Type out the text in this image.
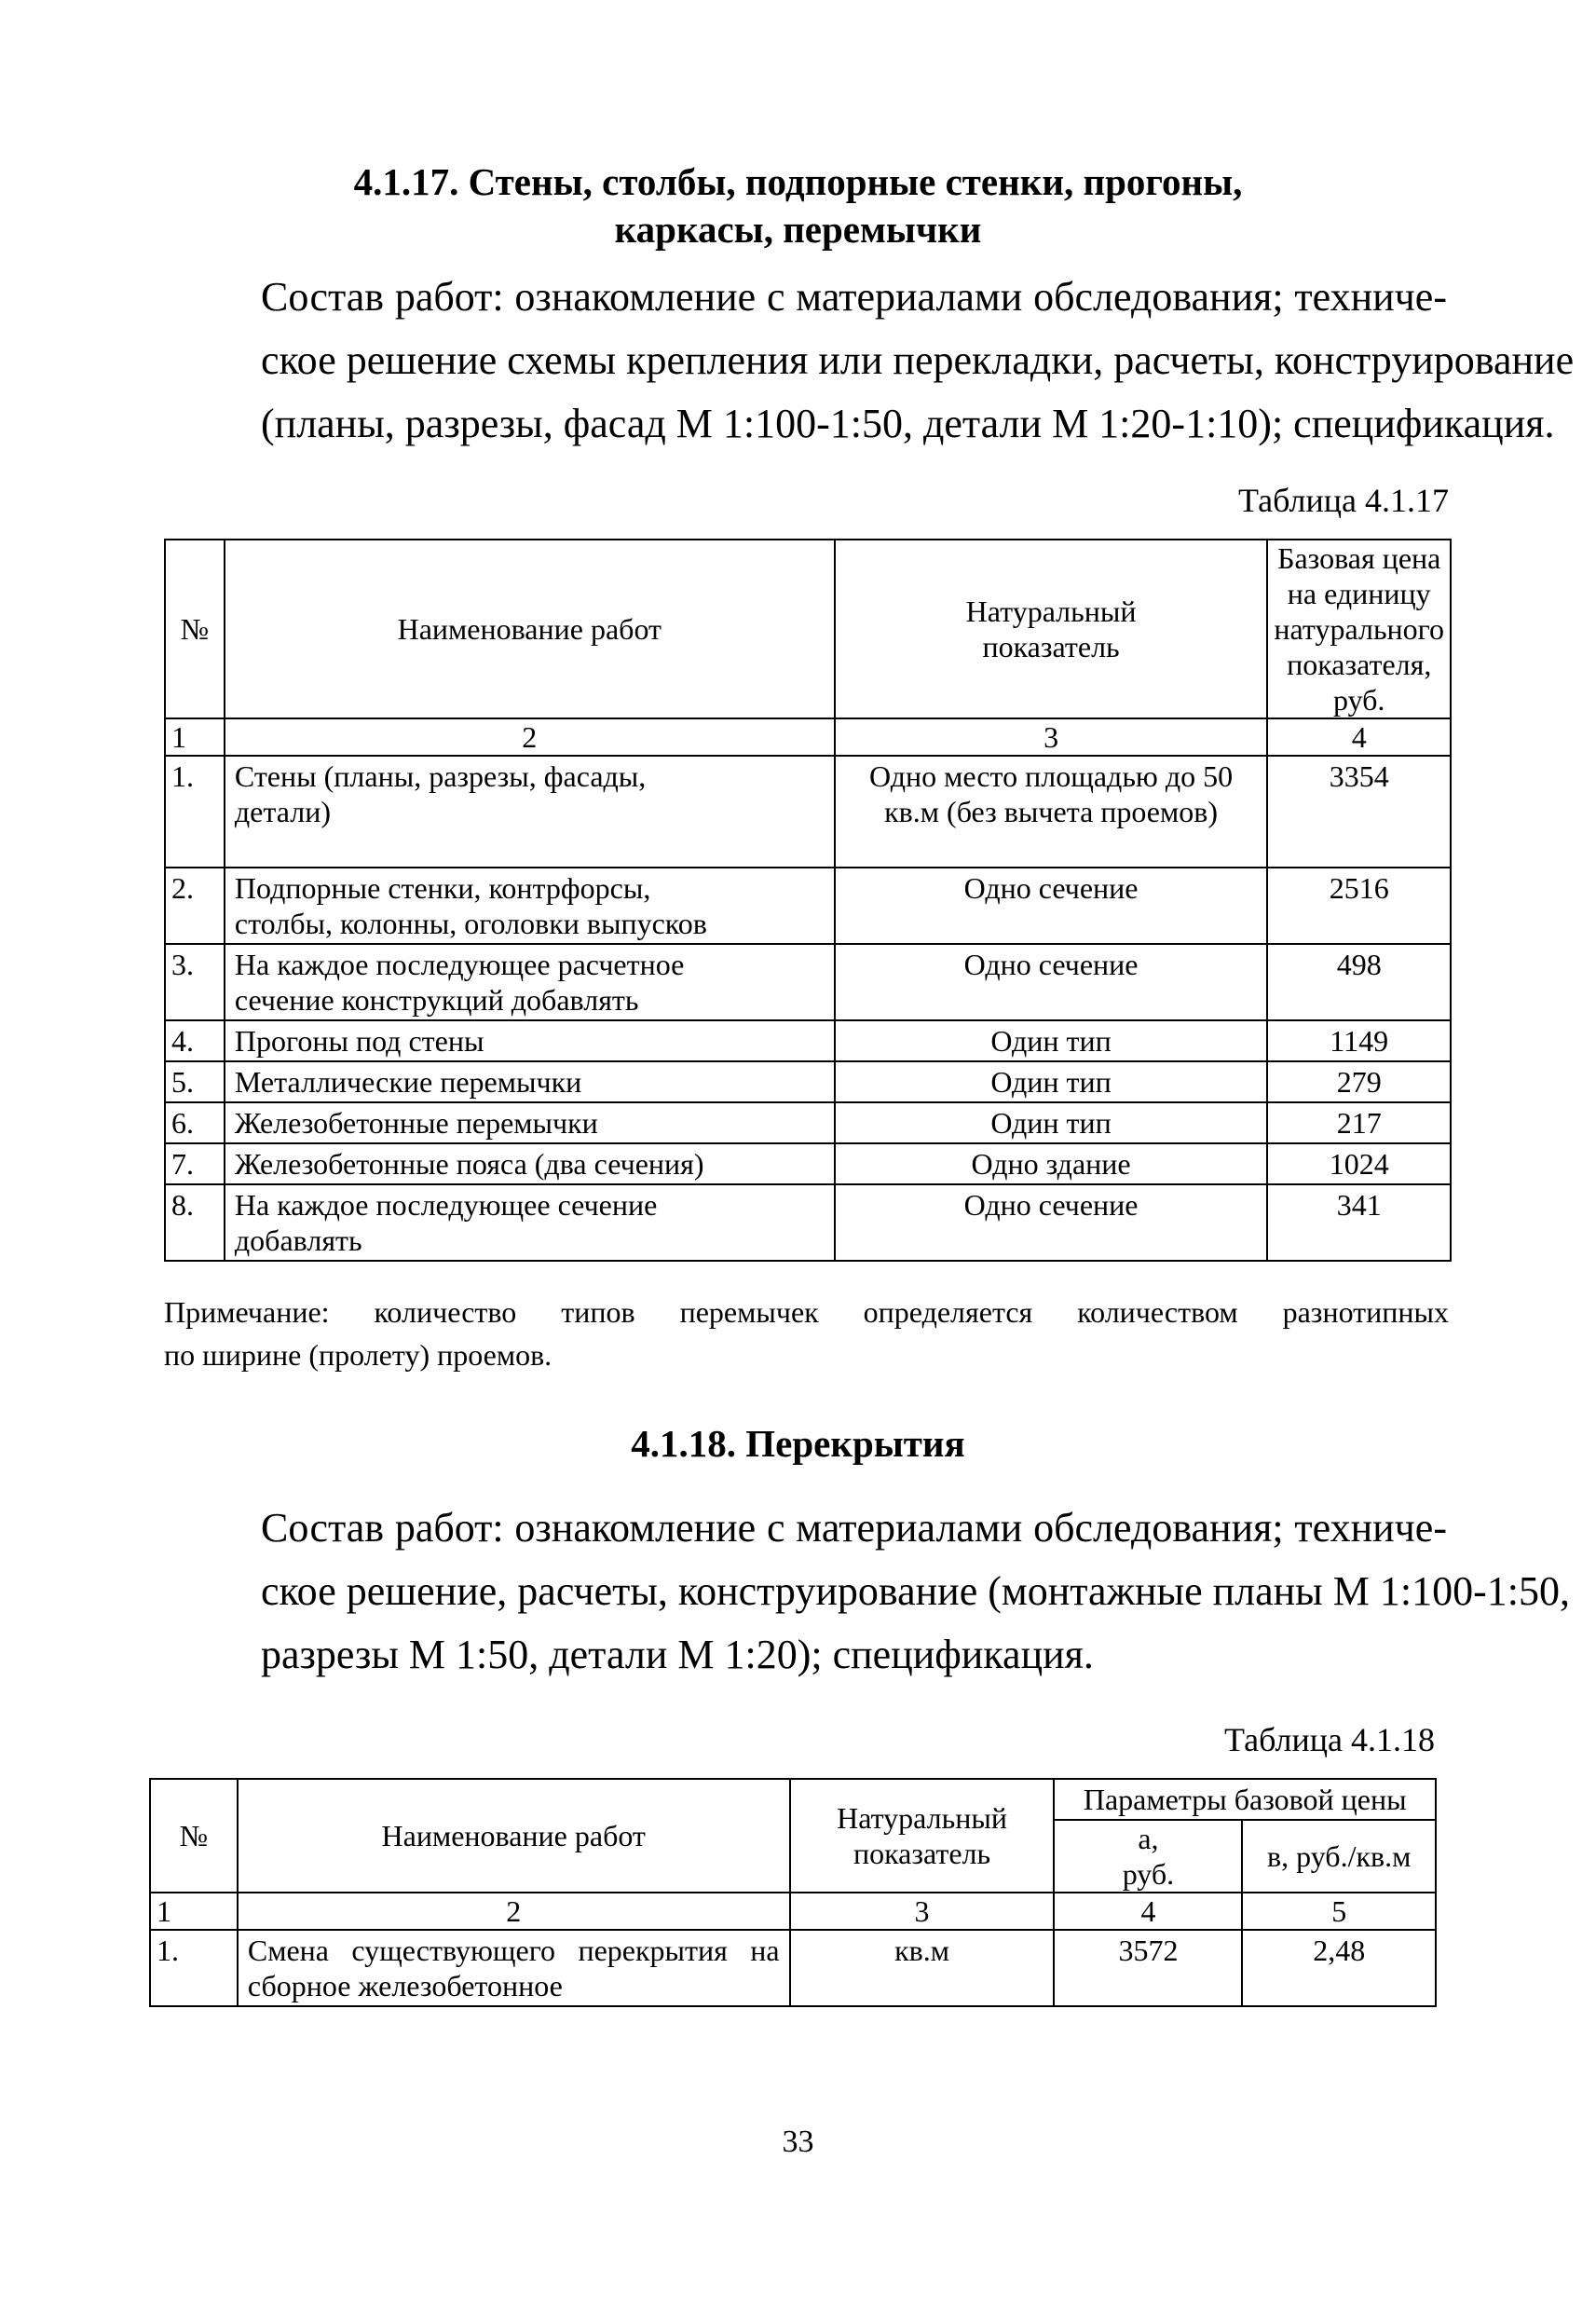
4.1.17. Стены, столбы, подпорные стенки, прогоны,
каркасы, перемычки
Состав работ: ознакомление с материалами обследования; техниче-
ское решение схемы крепления или перекладки, расчеты, конструирование
(планы, разрезы, фасад М 1:100-1:50, детали М 1:20-1:10); спецификация.
Таблица 4.1.17
№	Наименование работ	Натуральный показатель	Базовая цена на единицу натурального показателя, руб.
1	2	3	4
1.	Стены (планы, разрезы, фасады, детали)	Одно место площадью до 50 кв.м (без вычета проемов)	3354
2.	Подпорные стенки, контрфорсы, столбы, колонны, оголовки выпусков	Одно сечение	2516
3.	На каждое последующее расчетное сечение конструкций добавлять	Одно сечение	498
4.	Прогоны под стены	Один тип	1149
5.	Металлические перемычки	Один тип	279
6.	Железобетонные перемычки	Один тип	217
7.	Железобетонные пояса (два сечения)	Одно здание	1024
8.	На каждое последующее сечение добавлять	Одно сечение	341
Примечание: количество типов перемычек определяется количеством разнотипных
по ширине (пролету) проемов.
4.1.18. Перекрытия
Состав работ: ознакомление с материалами обследования; техниче-
ское решение, расчеты, конструирование (монтажные планы М 1:100-1:50,
разрезы М 1:50, детали М 1:20); спецификация.
Таблица 4.1.18
№	Наименование работ	Натуральный показатель	Параметры базовой цены	
			а, руб.	в, руб./кв.м
1	2	3	4	5
1.	Смена существующего перекрытия на сборное железобетонное	кв.м	3572	2,48
33
